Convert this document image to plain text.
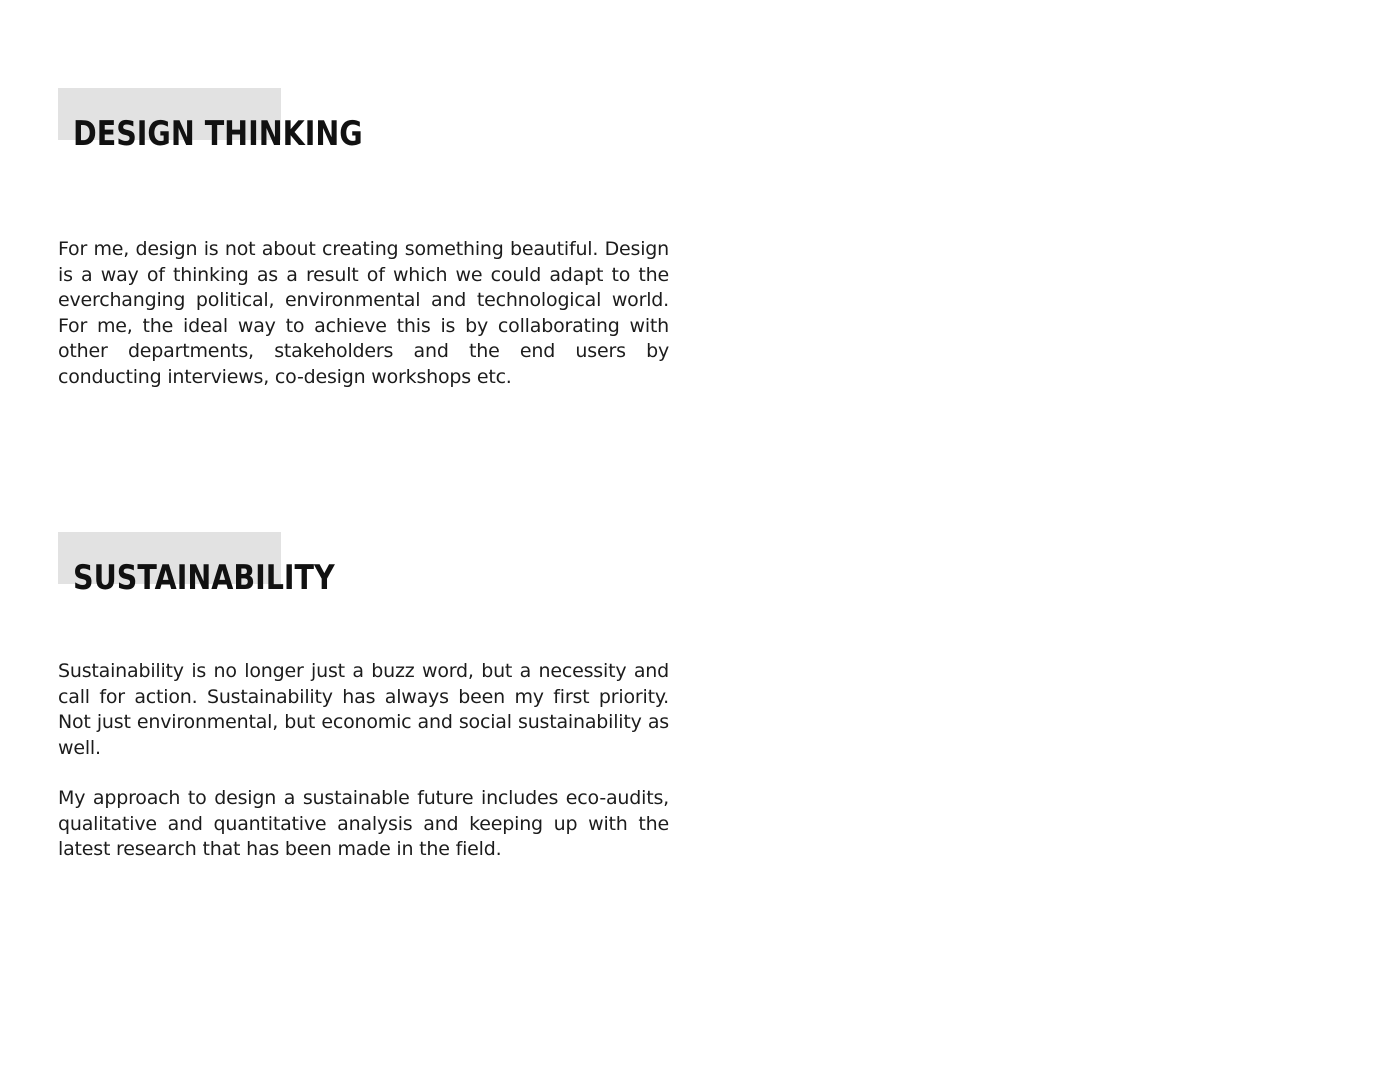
DESIGN THINKING

For me, design is not about creating something beautiful. Design is a way of thinking as a result of which we could adapt to the everchanging political, environmental and technological world. For me, the ideal way to achieve this is by collaborating with other departments, stakeholders and the end users by conducting interviews, co-design workshops etc.

SUSTAINABILITY

Sustainability is no longer just a buzz word, but a necessity and call for action. Sustainability has always been my first priority. Not just environmental, but economic and social sustainability as well.

My approach to design a sustainable future includes eco-audits, qualitative and quantitative analysis and keeping up with the latest research that has been made in the field.
